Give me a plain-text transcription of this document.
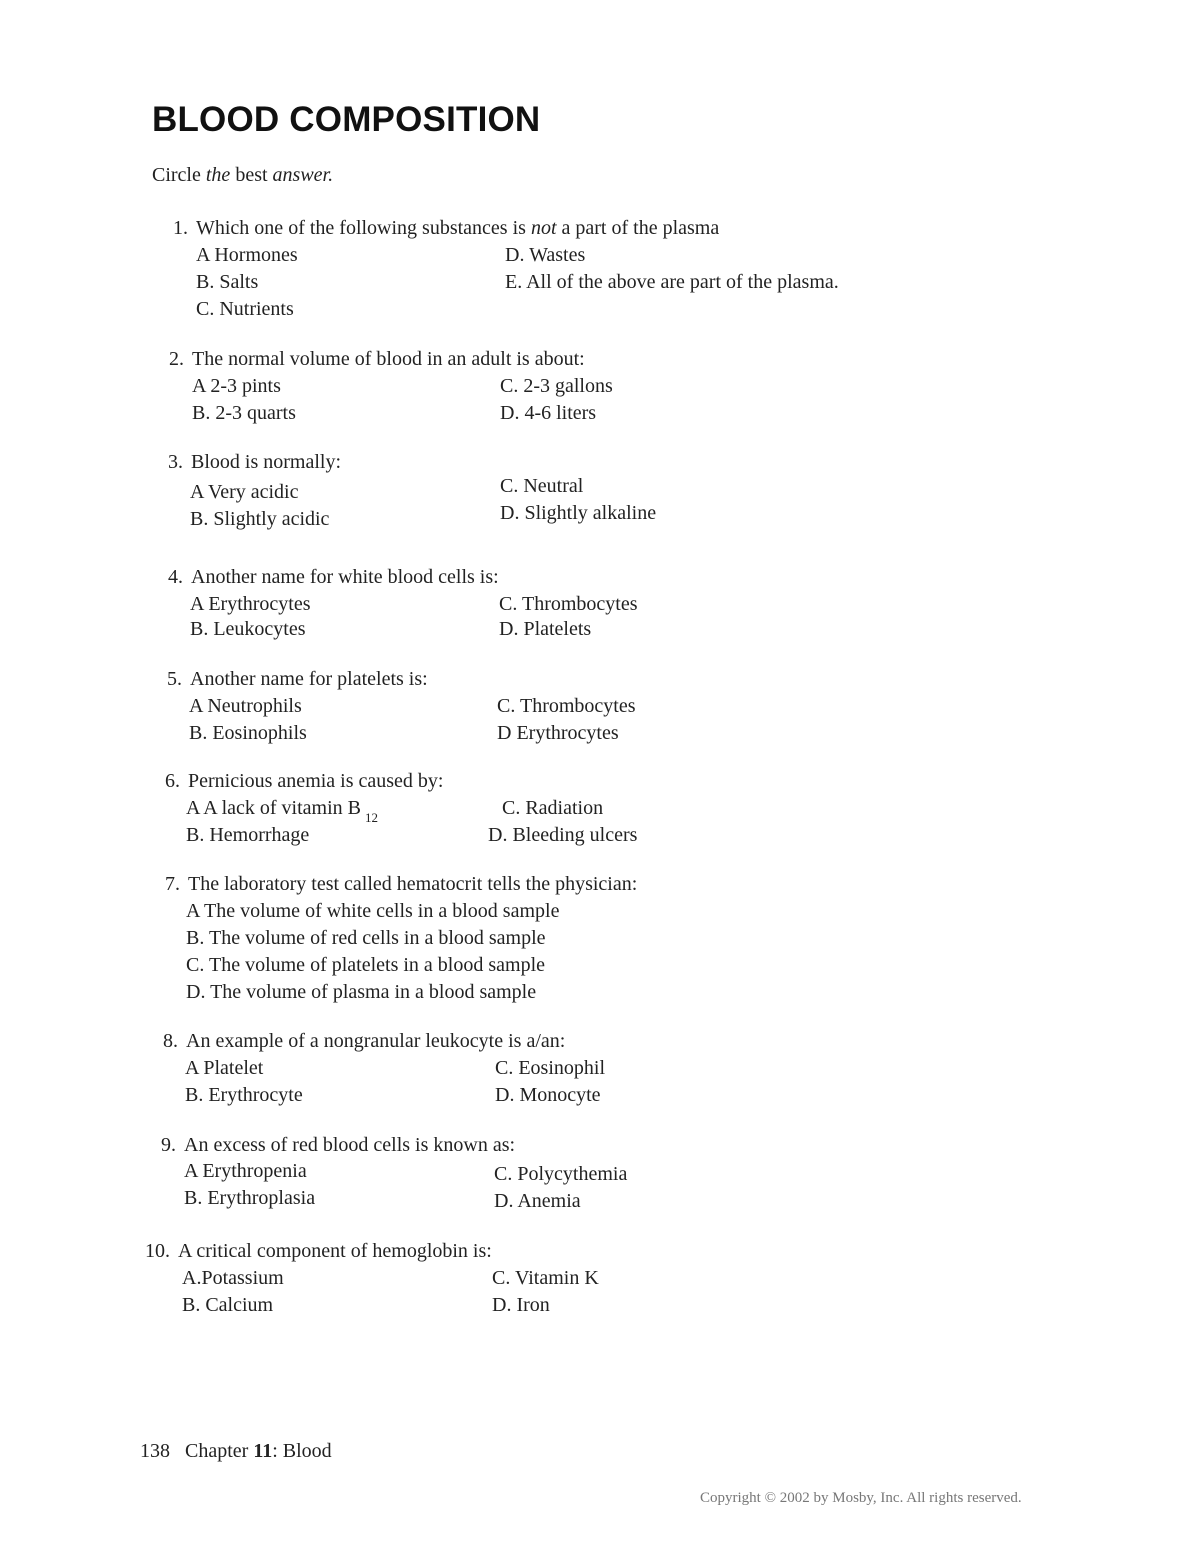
BLOOD COMPOSITION
Circle the best answer.
1. Which one of the following substances is not a part of the plasma
A Hormones
B. Salts
C. Nutrients
D. Wastes
E. All of the above are part of the plasma.
2. The normal volume of blood in an adult is about:
A 2-3 pints
B. 2-3 quarts
C. 2-3 gallons
D. 4-6 liters
3. Blood is normally:
A Very acidic
B. Slightly acidic
C. Neutral
D. Slightly alkaline
4. Another name for white blood cells is:
A Erythrocytes
B. Leukocytes
C. Thrombocytes
D. Platelets
5. Another name for platelets is:
A Neutrophils
B. Eosinophils
C. Thrombocytes
D Erythrocytes
6. Pernicious anemia is caused by:
A A lack of vitamin B $_{12}$
B. Hemorrhage
C. Radiation
D. Bleeding ulcers
7. The laboratory test called hematocrit tells the physician:
A The volume of white cells in a blood sample
B. The volume of red cells in a blood sample
C. The volume of platelets in a blood sample
D. The volume of plasma in a blood sample
8. An example of a nongranular leukocyte is a/an:
A Platelet
B. Erythrocyte
C. Eosinophil
D. Monocyte
9. An excess of red blood cells is known as:
A Erythropenia
B. Erythroplasia
C. Polycythemia
D. Anemia
10. A critical component of hemoglobin is:
A.Potassium
B. Calcium
C. Vitamin K
D. Iron
138 Chapter 11: Blood
Copyright © 2002 by Mosby, Inc. All rights reserved.
